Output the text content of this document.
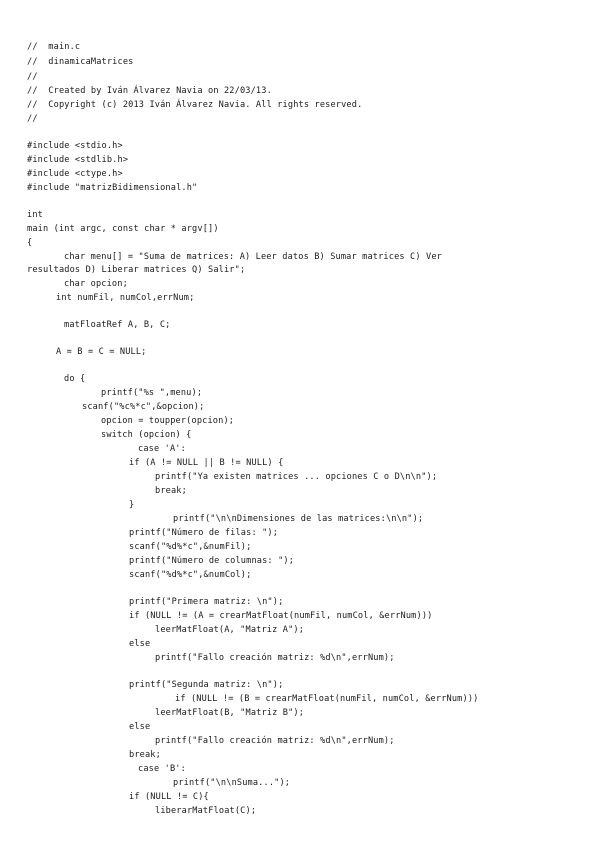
//  main.c
//  dinamicaMatrices
//
//  Created by Iván Álvarez Navia on 22/03/13.
//  Copyright (c) 2013 Iván Álvarez Navia. All rights reserved.
//
#include <stdio.h>
#include <stdlib.h>
#include <ctype.h>
#include "matrizBidimensional.h"
int
main (int argc, const char * argv[])
{
char menu[] = "Suma de matrices: A) Leer datos B) Sumar matrices C) Ver
resultados D) Liberar matrices Q) Salir";
char opcion;
int numFil, numCol,errNum;
matFloatRef A, B, C;
A = B = C = NULL;
do {
printf("%s ",menu);
scanf("%c%*c",&opcion);
opcion = toupper(opcion);
switch (opcion) {
case 'A':
if (A != NULL || B != NULL) {
printf("Ya existen matrices ... opciones C o D\n\n");
break;
}
printf("\n\nDimensiones de las matrices:\n\n");
printf("Número de filas: ");
scanf("%d%*c",&numFil);
printf("Número de columnas: ");
scanf("%d%*c",&numCol);
printf("Primera matriz: \n");
if (NULL != (A = crearMatFloat(numFil, numCol, &errNum)))
leerMatFloat(A, "Matriz A");
else
printf("Fallo creación matriz: %d\n",errNum);
printf("Segunda matriz: \n");
if (NULL != (B = crearMatFloat(numFil, numCol, &errNum)))
leerMatFloat(B, "Matriz B");
else
printf("Fallo creación matriz: %d\n",errNum);
break;
case 'B':
printf("\n\nSuma...");
if (NULL != C){
liberarMatFloat(C);
